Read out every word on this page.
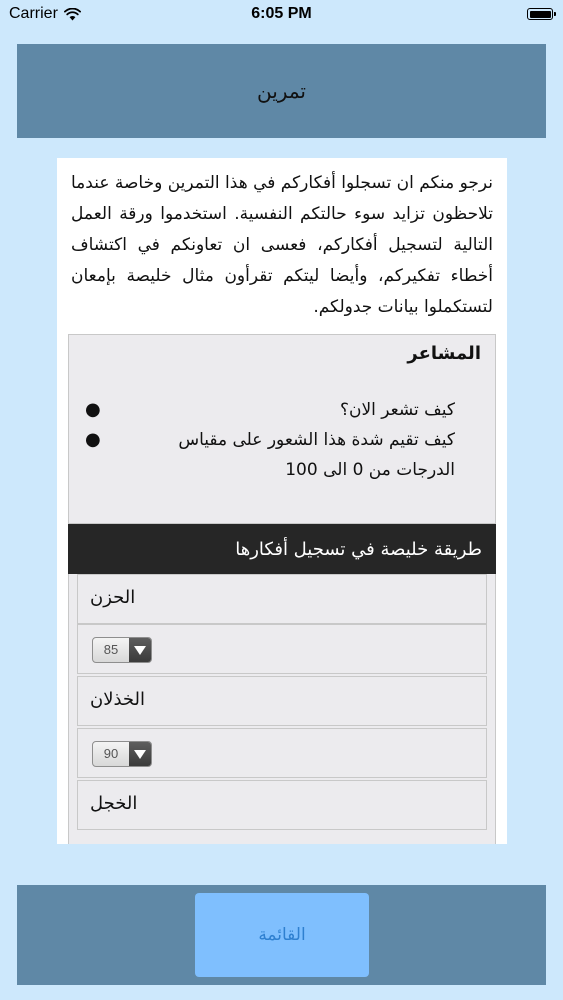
Carrier	6:05 PM
تمرين
نرجو منكم ان تسجلوا أفكاركم في هذا التمرين وخاصة عندما تلاحظون تزايد سوء حالتكم النفسية. استخدموا ورقة العمل التالية لتسجيل أفكاركم، فعسى ان تعاونكم في اكتشاف أخطاء تفكيركم، وأيضا ليتكم تقرأون مثال خليصة بإمعان لتستكملوا بيانات جدولكم.
المشاعر
●	كيف تشعر الان؟
●	كيف تقيم شدة هذا الشعور على مقياس الدرجات من 0 الى 100
طريقة خليصة في تسجيل أفكارها
الحزن
85
الخذلان
90
الخجل
القائمة
